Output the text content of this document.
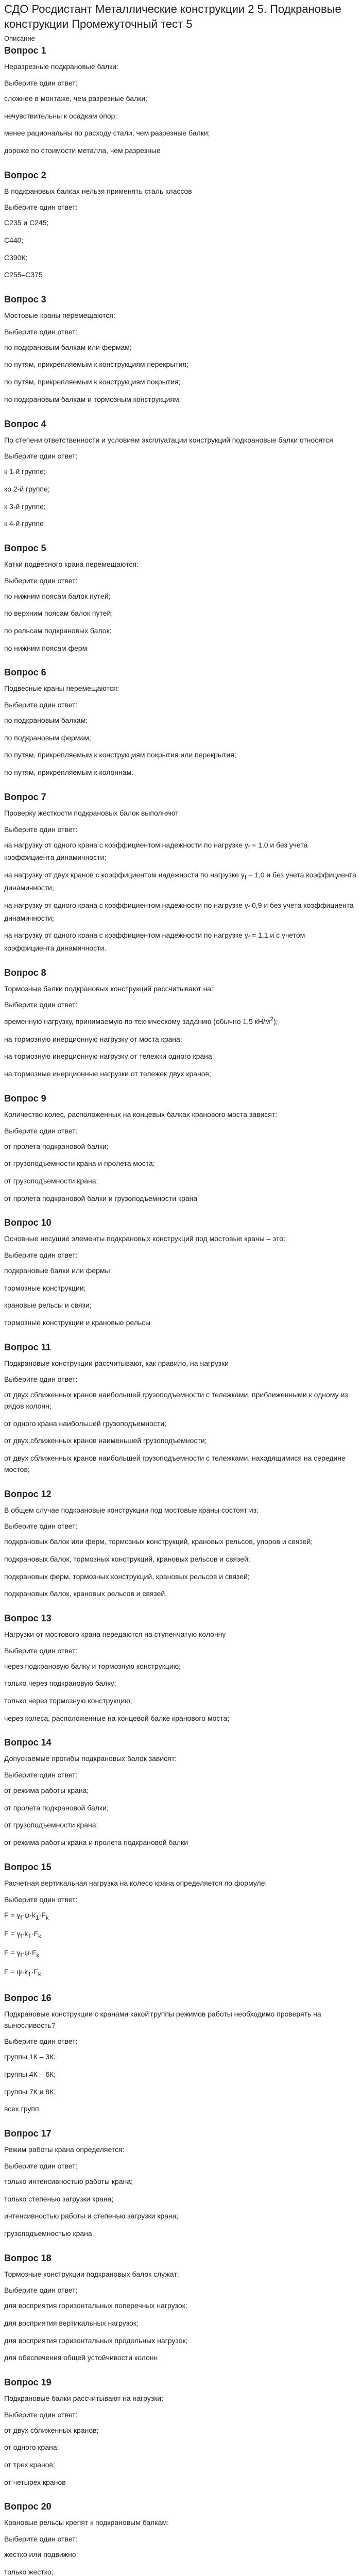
СДО Росдистант Металлические конструкции 2 5. Подкрановые конструкции Промежуточный тест 5
Описание
Вопрос 1
Неразрезные подкрановые балки:
Выберите один ответ:
сложнее в монтаже, чем разрезные балки;
нечувствительны к осадкам опор;
менее рациональны по расходу стали, чем разрезные балки;
дороже по стоимости металла, чем разрезные
Вопрос 2
В подкрановых балках нельзя применять сталь классов
Выберите один ответ:
С235 и С245;
С440;
С390К;
С255–С375
Вопрос 3
Мостовые краны перемещаются:
Выберите один ответ:
по подкрановым балкам или фермам;
по путям, прикрепляемым к конструкциям перекрытия;
по путям, прикрепляемым к конструкциям покрытия;
по подкрановым балкам и тормозным конструкциям;
Вопрос 4
По степени ответственности и условиям эксплуатации конструкций подкрановые балки относятся
Выберите один ответ:
к 1-й группе;
ко 2-й группе;
к 3-й группе;
к 4-й группе
Вопрос 5
Катки подвесного крана перемещаются:
Выберите один ответ:
по нижним поясам балок путей;
по верхним поясам балок путей;
по рельсам подкрановых балок;
по нижним поясам ферм
Вопрос 6
Подвесные краны перемещаются:
Выберите один ответ:
по подкрановым балкам;
по подкрановым фермам;
по путям, прикрепляемым к конструкциям покрытия или перекрытия;
по путям, прикрепляемым к колоннам.
Вопрос 7
Проверку жесткости подкрановых балок выполняют
Выберите один ответ:
на нагрузку от одного крана с коэффициентом надежности по нагрузке $\gamma_f = 1,0$ и без учета коэффициента динамичности;
на нагрузку от двух кранов с коэффициентом надежности по нагрузке $\gamma_f = 1,0$ и без учета коэффициента динамичности;
на нагрузку от одного крана с коэффициентом надежности по нагрузке $\gamma_f$ 0,9 и без учета коэффициента динамичности;
на нагрузку от одного крана с коэффициентом надежности по нагрузке $\gamma_f = 1,1$ и с учетом коэффициента динамичности.
Вопрос 8
Тормозные балки подкрановых конструкций рассчитывают на:
Выберите один ответ:
временную нагрузку, принимаемую по техническому заданию (обычно 1,5 $кН/м^2$);
на тормозную инерционную нагрузку от моста крана;
на тормозную инерционную нагрузку от тележки одного крана;
на тормозные инерционные нагрузки от тележек двух кранов;
Вопрос 9
Количество колес, расположенных на концевых балках кранового моста зависят:
Выберите один ответ:
от пролета подкрановой балки;
от грузоподъемности крана и пролета моста;
от грузоподъемности крана;
от пролета подкрановой балки и грузоподъемности крана
Вопрос 10
Основные несущие элементы подкрановых конструкций под мостовые краны – это:
Выберите один ответ:
подкрановые балки или фермы;
тормозные конструкции;
крановые рельсы и связи;
тормозные конструкции и крановые рельсы
Вопрос 11
Подкрановые конструкции рассчитывают, как правило, на нагрузки
Выберите один ответ:
от двух сближенных кранов наибольшей грузоподъемности с тележками, приближенными к одному из рядов колонн;
от одного крана наибольшей грузоподъемности;
от двух сближенных кранов наименьшей грузоподъемности;
от двух сближенных кранов наибольшей грузоподъемности с тележками, находящимися на середине мостов;
Вопрос 12
В общем случае подкрановые конструкции под мостовые краны состоят из:
Выберите один ответ:
подкрановых балок или ферм, тормозных конструкций, крановых рельсов, упоров и связей;
подкрановых балок, тормозных конструкций, крановых рельсов и связей;
подкрановых ферм, тормозных конструкций, крановых рельсов и связей;
подкрановых балок, крановых рельсов и связей.
Вопрос 13
Нагрузки от мостового крана передаются на ступенчатую колонну
Выберите один ответ:
через подкрановую балку и тормозную конструкцию;
только через подкрановую балку;
только через тормозную конструкцию;
через колеса, расположенные на концевой балке кранового моста;
Вопрос 14
Допускаемые прогибы подкрановых балок зависят:
Выберите один ответ:
от режима работы крана;
от пролета подкрановой балки;
от грузоподъемности крана;
от режима работы крана и пролета подкрановой балки
Вопрос 15
Расчетная вертикальная нагрузка на колесо крана определяется по формуле:
Выберите один ответ:
$F = \gamma_f\cdot\psi\cdot k_1\cdot F_k$
$F = \gamma_f\cdot k_1\cdot F_k$
$F = \gamma_f\cdot\psi\cdot F_k$
$F = \psi\cdot k_1\cdot F_k$
Вопрос 16
Подкрановые конструкции с кранами какой группы режимов работы необходимо проверять на выносливость?
Выберите один ответ:
группы 1К – 3К;
группы 4К – 6К;
группы 7К и 8К;
всех групп
Вопрос 17
Режим работы крана определяется:
Выберите один ответ:
только интенсивностью работы крана;
только степенью загрузки крана;
интенсивностью работы и степенью загрузки крана;
грузоподъемностью крана
Вопрос 18
Тормозные конструкции подкрановых балок служат:
Выберите один ответ:
для восприятия горизонтальных поперечных нагрузок;
для восприятия вертикальных нагрузок;
для восприятия горизонтальных продольных нагрузок;
для обеспечения общей устойчивости колонн
Вопрос 19
Подкрановые балки рассчитывают на нагрузки:
Выберите один ответ:
от двух сближенных кранов;
от одного крана;
от трех кранов;
от четырех кранов
Вопрос 20
Крановые рельсы крепят к подкрановым балкам:
Выберите один ответ:
жестко или подвижно;
только жестко;
